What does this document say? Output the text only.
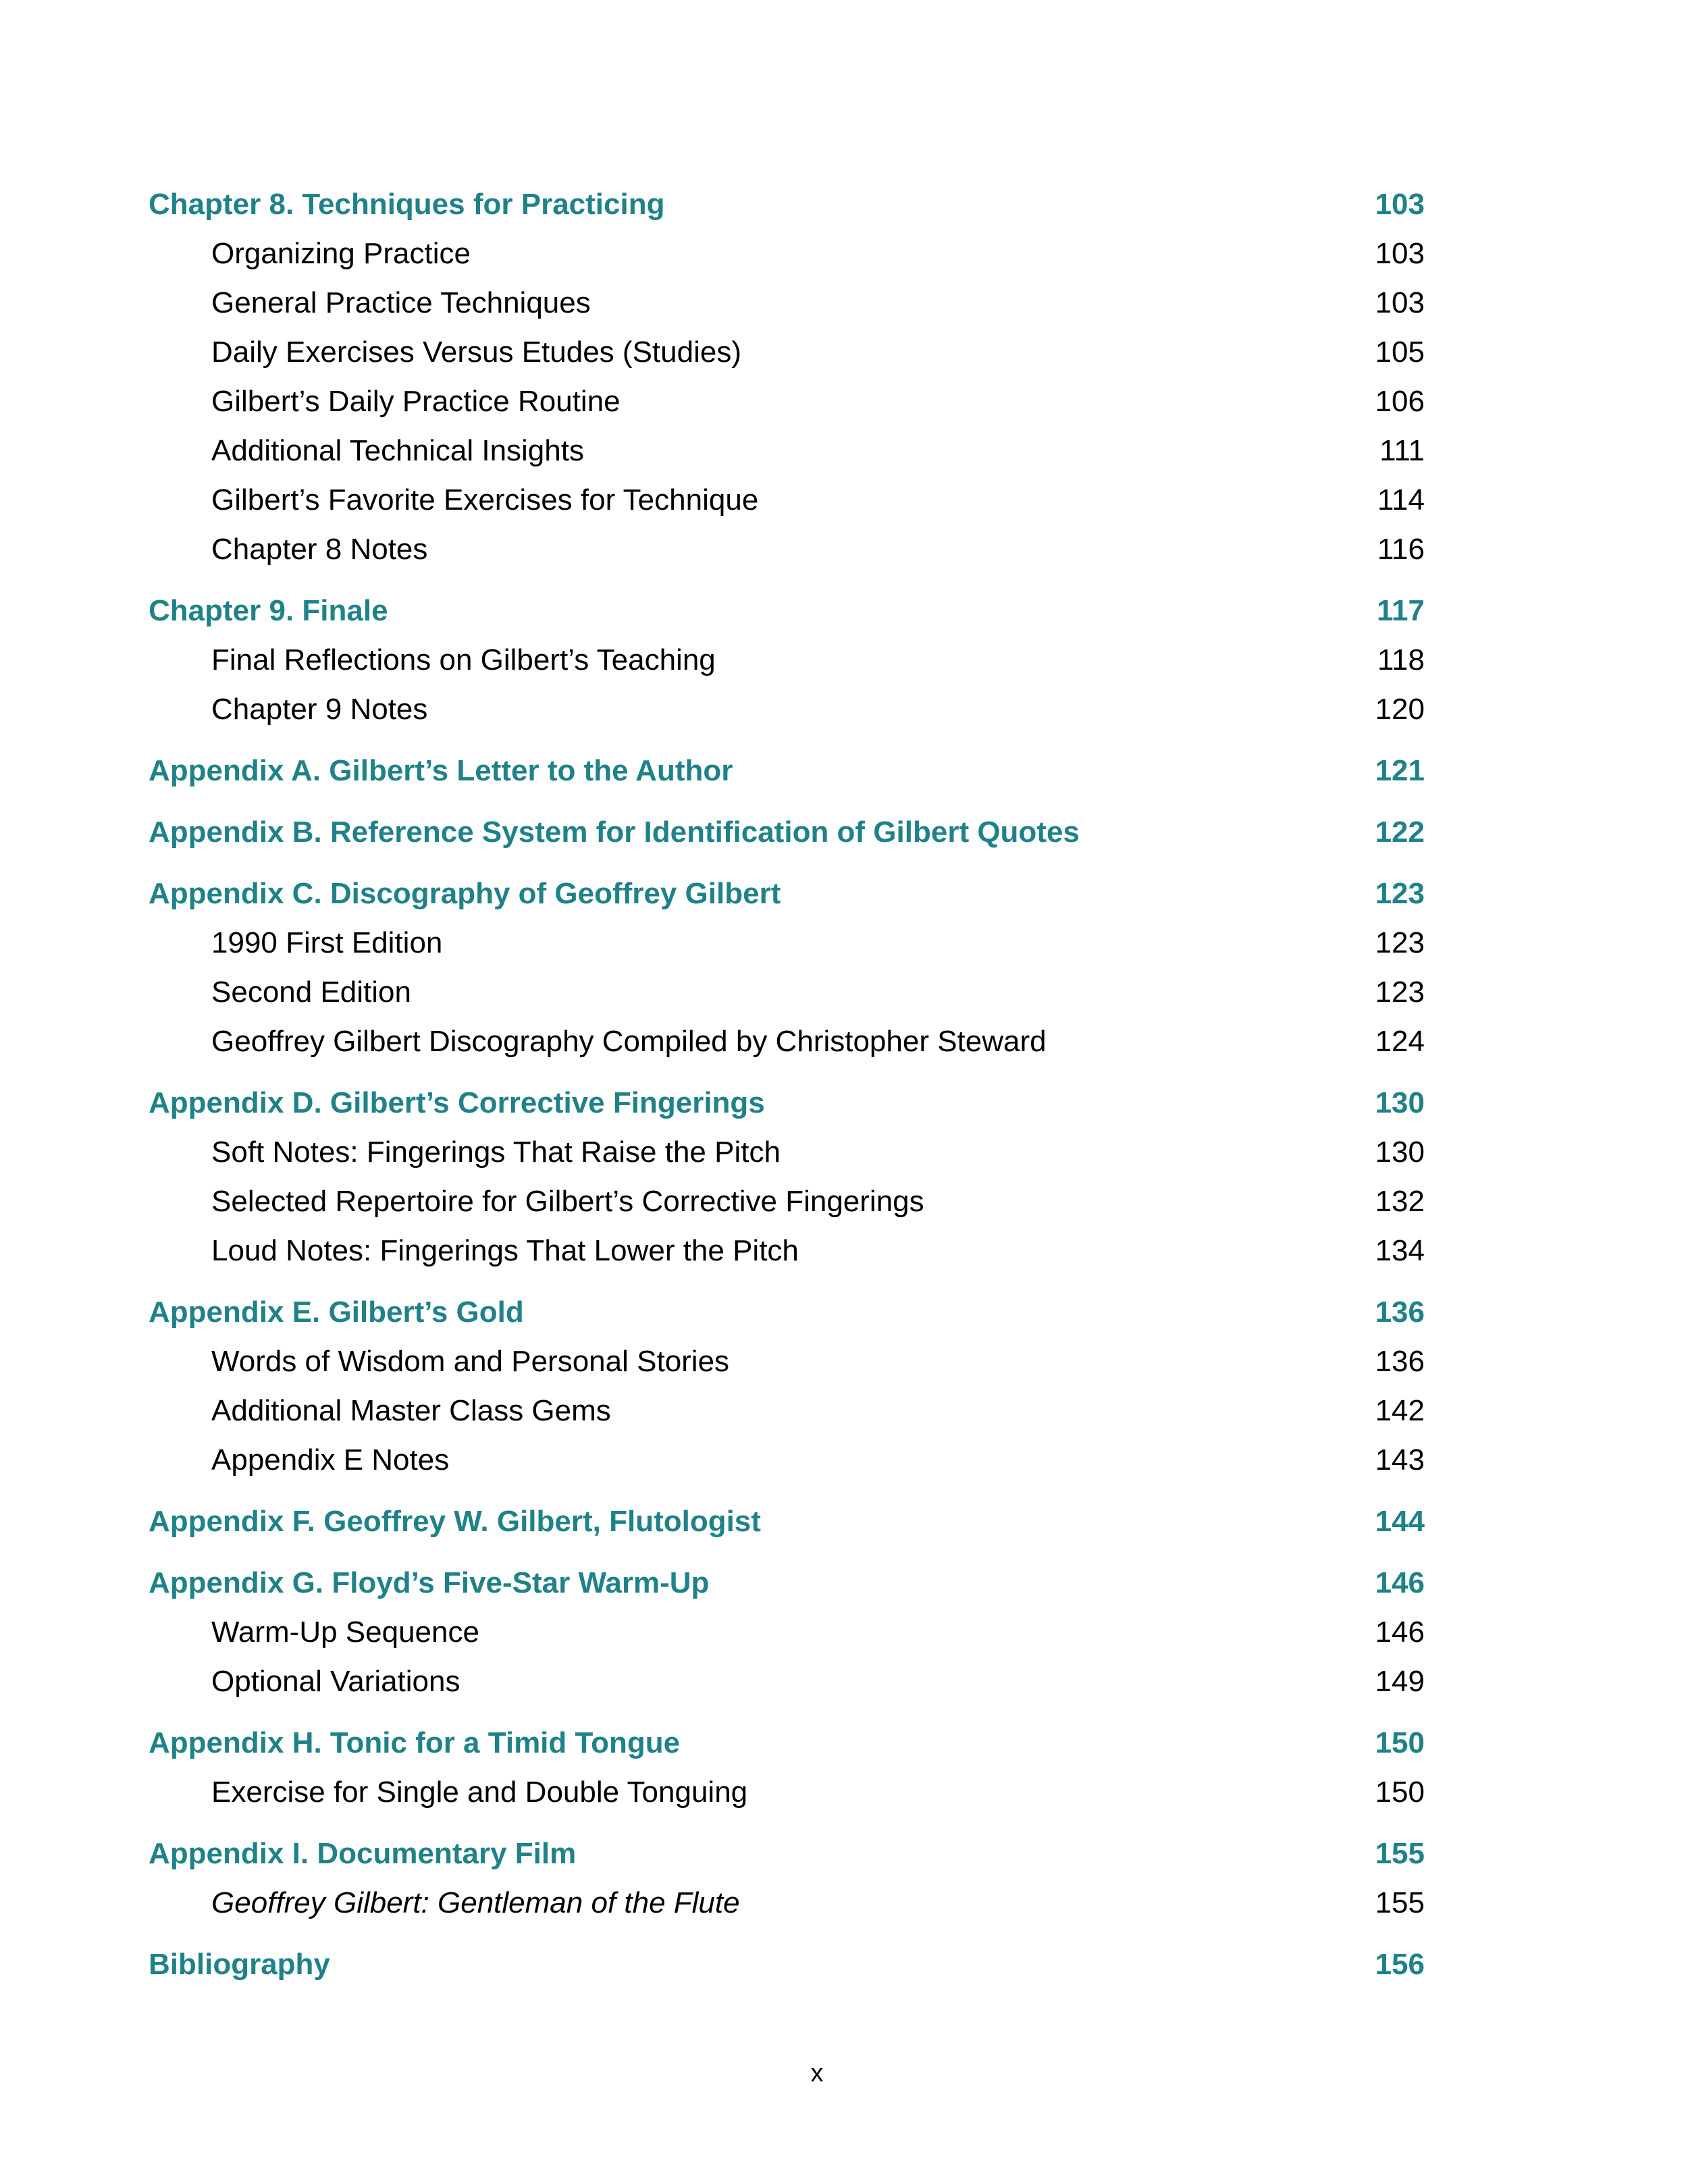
Chapter 8. Techniques for Practicing	103
Organizing Practice	103
General Practice Techniques	103
Daily Exercises Versus Etudes (Studies)	105
Gilbert’s Daily Practice Routine	106
Additional Technical Insights	111
Gilbert’s Favorite Exercises for Technique	114
Chapter 8 Notes	116
Chapter 9. Finale	117
Final Reflections on Gilbert’s Teaching	118
Chapter 9 Notes	120
Appendix A. Gilbert’s Letter to the Author	121
Appendix B. Reference System for Identification of Gilbert Quotes	122
Appendix C. Discography of Geoffrey Gilbert	123
1990 First Edition	123
Second Edition	123
Geoffrey Gilbert Discography Compiled by Christopher Steward	124
Appendix D. Gilbert’s Corrective Fingerings	130
Soft Notes: Fingerings That Raise the Pitch	130
Selected Repertoire for Gilbert’s Corrective Fingerings	132
Loud Notes: Fingerings That Lower the Pitch	134
Appendix E. Gilbert’s Gold	136
Words of Wisdom and Personal Stories	136
Additional Master Class Gems	142
Appendix E Notes	143
Appendix F. Geoffrey W. Gilbert, Flutologist	144
Appendix G. Floyd’s Five-Star Warm-Up	146
Warm-Up Sequence	146
Optional Variations	149
Appendix H. Tonic for a Timid Tongue	150
Exercise for Single and Double Tonguing	150
Appendix I. Documentary Film	155
Geoffrey Gilbert: Gentleman of the Flute	155
Bibliography	156
x
